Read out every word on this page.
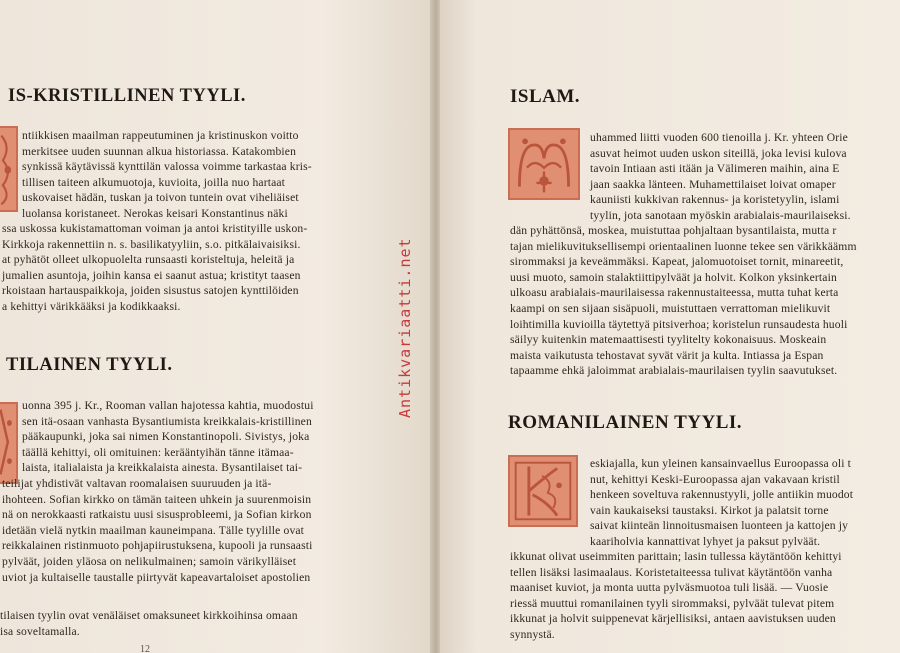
IS-KRISTILLINEN TYYLI.

ntiikkisen maailman rappeutuminen ja kristinuskon voitto
merkitsee uuden suunnan alkua historiassa. Katakombien
synkissä käytävissä kynttilän valossa voimme tarkastaa kris-
tillisen taiteen alkumuotoja, kuvioita, joilla nuo hartaat
uskovaiset hädän, tuskan ja toivon tuntein ovat viheliäiset
luolansa koristaneet. Nerokas keisari Konstantinus näki

ssa uskossa kukistamattoman voiman ja antoi kristityille uskon-
Kirkkoja rakennettiin n. s. basilikatyyliin, s.o. pitkälaivaisiksi.
at pyhätöt olleet ulkopuolelta runsaasti koristeltuja, heleitä ja
jumalien asuntoja, joihin kansa ei saanut astua; kristityt taasen
rkoistaan hartauspaikkoja, joiden sisustus satojen kynttilöiden
a kehittyi värikkääksi ja kodikkaaksi.

TILAINEN TYYLI.

uonna 395 j. Kr., Rooman vallan hajotessa kahtia, muodostui
sen itä-osaan vanhasta Bysantiumista kreikkalais-kristillinen
pääkaupunki, joka sai nimen Konstantinopoli. Sivistys, joka
täällä kehittyi, oli omituinen: kerääntyihän tänne itämaa-
laista, italialaista ja kreikkalaista ainesta. Bysantilaiset tai-

teilijat yhdistivät valtavan roomalaisen suuruuden ja itä-
ihohteen. Sofian kirkko on tämän taiteen uhkein ja suurenmoisin
nä on nerokkaasti ratkaistu uusi sisusprobleemi, ja Sofian kirkon
idetään vielä nytkin maailman kauneimpana. Tälle tyylille ovat
reikkalainen ristinmuoto pohjapiirustuksena, kupooli ja runsaasti
pylväät, joiden yläosa on nelikulmainen; samoin värikylläiset
uviot ja kultaiselle taustalle piirtyvät kapeavartaloiset apostolien

tilaisen tyylin ovat venäläiset omaksuneet kirkkoihinsa omaan
isa soveltamalla.

12
Antikvariaatti.net
ISLAM.

uhammed liitti vuoden 600 tienoilla j. Kr. yhteen Orie
asuvat heimot uuden uskon siteillä, joka levisi kulova
tavoin Intiaan asti itään ja Välimeren maihin, aina E
jaan saakka länteen. Muhamettilaiset loivat omaper
kauniisti kukkivan rakennus- ja koristetyylin, islami
tyylin, jota sanotaan myöskin arabialais-maurilaiseksi.

dän pyhättönsä, moskea, muistuttaa pohjaltaan bysantilaista, mutta r
tajan mielikuvituksellisempi orientaalinen luonne tekee sen värikkäämm
sirommaksi ja keveämmäksi. Kapeat, jalomuotoiset tornit, minareetit,
uusi muoto, samoin stalaktiittipylväät ja holvit. Kolkon yksinkertain
ulkoasu arabialais-maurilaisessa rakennustaiteessa, mutta tuhat kerta
kaampi on sen sijaan sisäpuoli, muistuttaen verrattoman mielikuvit
loihtimilla kuvioilla täytettyä pitsiverhoa; koristelun runsaudesta huoli
säilyy kuitenkin matemaattisesti tyylitelty kokonaisuus. Moskeain
maista vaikutusta tehostavat syvät värit ja kulta. Intiassa ja Espan
tapaamme ehkä jaloimmat arabialais-maurilaisen tyylin saavutukset.

ROMANILAINEN TYYLI.

eskiajalla, kun yleinen kansainvaellus Euroopassa oli t
nut, kehittyi Keski-Euroopassa ajan vakavaan kristil
henkeen soveltuva rakennustyyli, jolle antiikin muodot
vain kaukaiseksi taustaksi. Kirkot ja palatsit torne
saivat kiinteän linnoitusmaisen luonteen ja kattojen jy
kaariholvia kannattivat lyhyet ja paksut pylväät.

ikkunat olivat useimmiten parittain; lasin tullessa käytäntöön kehittyi
tellen lisäksi lasimaalaus. Koristetaiteessa tulivat käytäntöön vanha
maaniset kuviot, ja monta uutta pylväsmuotoa tuli lisää. — Vuosie
riessä muuttui romanilainen tyyli sirommaksi, pylväät tulevat pitem
ikkunat ja holvit suippenevat kärjellisiksi, antaen aavistuksen uuden
synnystä.
